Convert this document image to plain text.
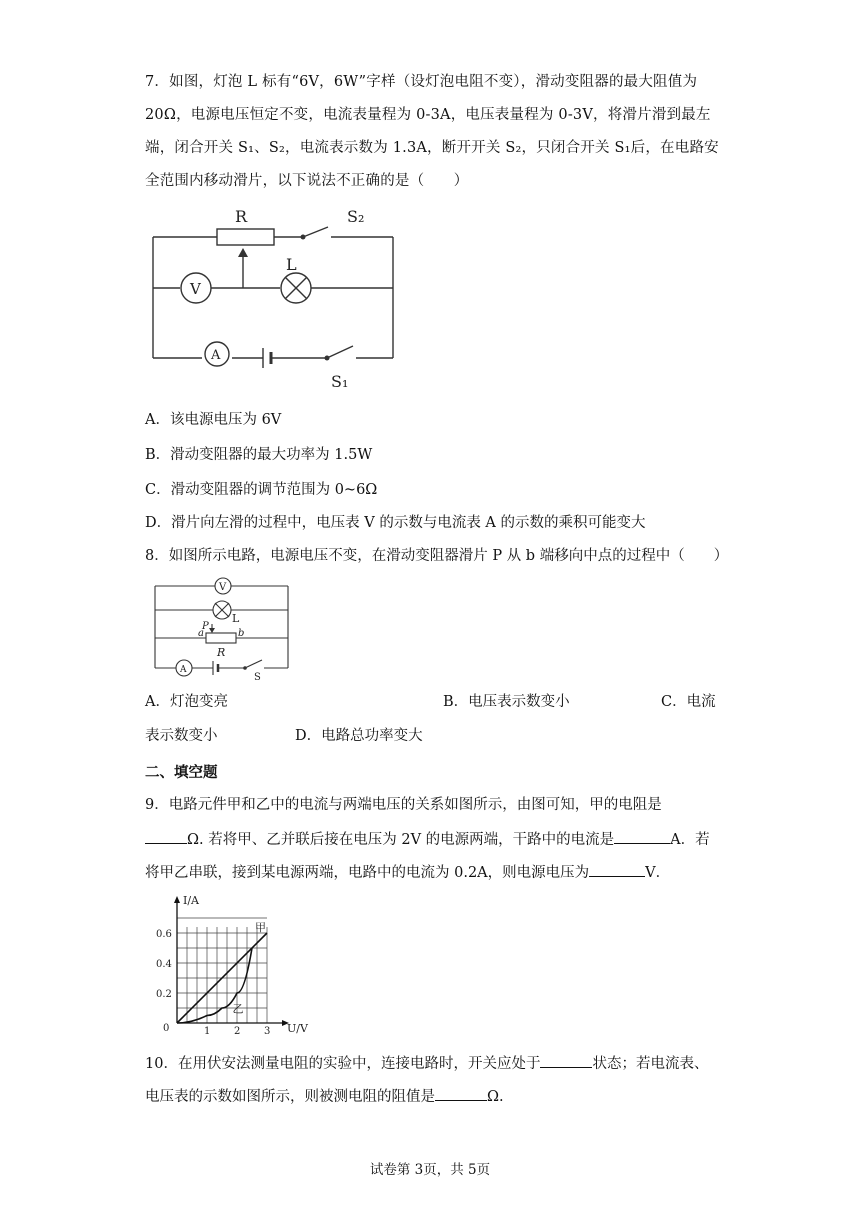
7．如图，灯泡 L 标有“6V，6W”字样（设灯泡电阻不变），滑动变阻器的最大阻值为 20Ω，电源电压恒定不变，电流表量程为 0-3A，电压表量程为 0-3V，将滑片滑到最左端，闭合开关 S₁、S₂，电流表示数为 1.3A，断开开关 S₂，只闭合开关 S₁后，在电路安全范围内移动滑片，以下说法不正确的是（　　）
R	S₂
V
L
A
S₁
A．该电源电压为 6V
B．滑动变阻器的最大功率为 1.5W
C．滑动变阻器的调节范围为 0~6Ω
D．滑片向左滑的过程中，电压表 V 的示数与电流表 A 的示数的乘积可能变大
8．如图所示电路，电源电压不变，在滑动变阻器滑片 P 从 b 端移向中点的过程中（　　）
V
L
P
a	b
R
A
S
A．灯泡变亮	B．电压表示数变小	C．电流
表示数变小	D．电路总功率变大
二、填空题
9．电路元件甲和乙中的电流与两端电压的关系如图所示，由图可知，甲的电阻是
Ω. 若将甲、乙并联后接在电压为 2V 的电源两端，干路中的电流是	A．若
将甲乙串联，接到某电源两端，电路中的电流为 0.2A，则电源电压为	V．
1 2 3
0.2
0.4
0.6
甲
乙
I/A
U/V
0
10．在用伏安法测量电阻的实验中，连接电路时，开关应处于	状态；若电流表、
电压表的示数如图所示，则被测电阻的阻值是	Ω.
试卷第 3页，共 5页
